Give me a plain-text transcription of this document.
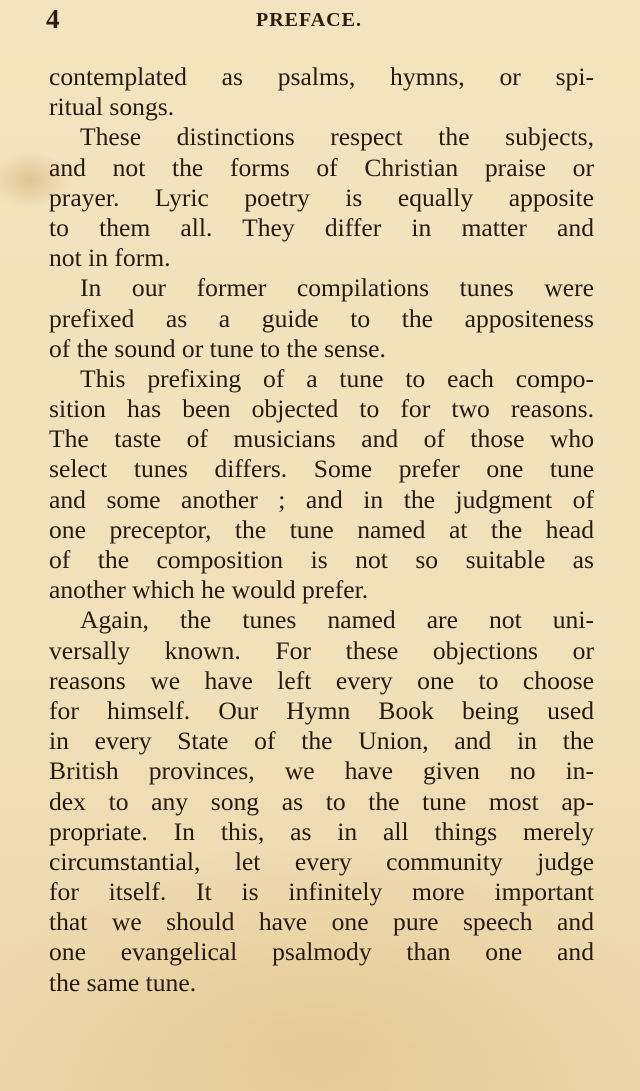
4	PREFACE.
contemplated as psalms, hymns, or spi-
ritual songs.
These distinctions respect the subjects,
and not the forms of Christian praise or
prayer. Lyric poetry is equally apposite
to them all. They differ in matter and
not in form.
In our former compilations tunes were
prefixed as a guide to the appositeness
of the sound or tune to the sense.
This prefixing of a tune to each compo-
sition has been objected to for two reasons.
The taste of musicians and of those who
select tunes differs. Some prefer one tune
and some another ; and in the judgment of
one preceptor, the tune named at the head
of the composition is not so suitable as
another which he would prefer.
Again, the tunes named are not uni-
versally known. For these objections or
reasons we have left every one to choose
for himself. Our Hymn Book being used
in every State of the Union, and in the
British provinces, we have given no in-
dex to any song as to the tune most ap-
propriate. In this, as in all things merely
circumstantial, let every community judge
for itself. It is infinitely more important
that we should have one pure speech and
one evangelical psalmody than one and
the same tune.
